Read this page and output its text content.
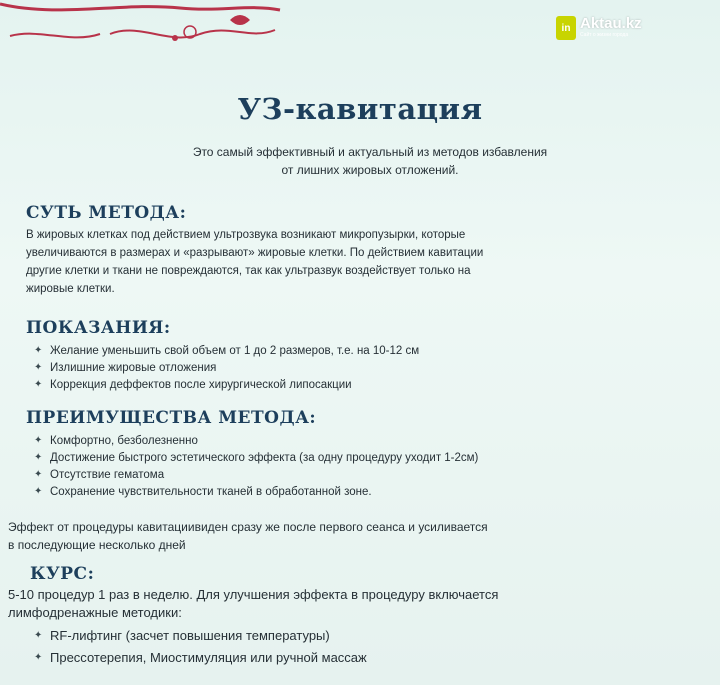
in Aktau.kz
Сайт о жизни города
УЗ-кавитация
Это самый эффективный и актуальный из методов избавления
от лишних жировых отложений.
СУТЬ МЕТОДА:
В жировых клетках под действием ультрозвука возникают микропузырки, которые
увеличиваются в размерах и «разрывают» жировые клетки. По действием кавитации
другие клетки и ткани не повреждаются, так как ультразвук воздействует только на
жировые клетки.
ПОКАЗАНИЯ:
✦ Желание уменьшить свой объем от 1 до 2 размеров, т.е. на 10-12 см
✦ Излишние жировые отложения
✦ Коррекция деффектов после хирургической липосакции
ПРЕИМУЩЕСТВА МЕТОДА:
✦ Комфортно, безболезненно
✦ Достижение быстрого эстетического эффекта (за одну процедуру уходит 1-2см)
✦ Отсутствие гематома
✦ Сохранение чувствительности тканей в обработанной зоне.
Эффект от процедуры кавитациивиден сразу же после первого сеанса и усиливается
в последующие несколько дней
КУРС:
5-10 процедур 1 раз в неделю. Для улучшения эффекта в процедуру включается
лимфодренажные методики:
✦ RF-лифтинг (засчет повышения температуры)
✦ Прессотерепия, Миостимуляция или ручной массаж
